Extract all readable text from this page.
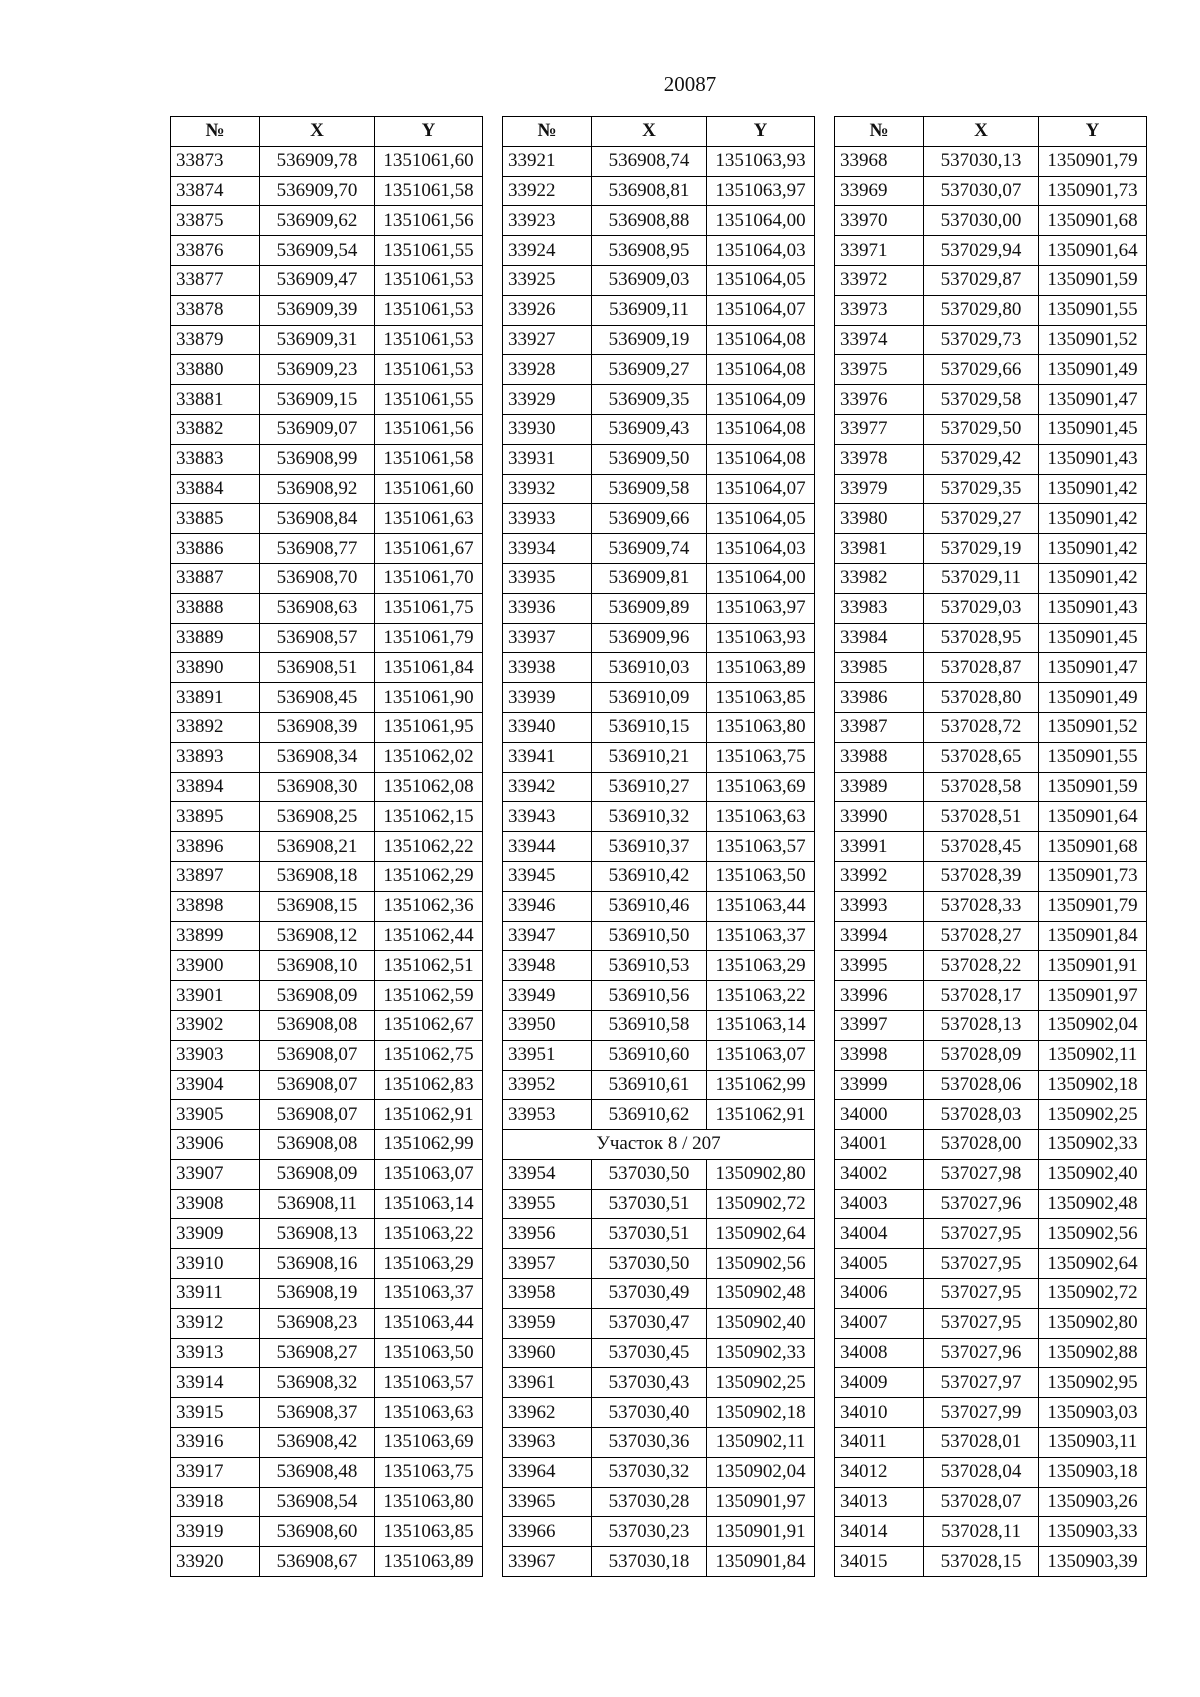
20087
№	X	Y
33873	536909,78	1351061,60
33874	536909,70	1351061,58
33875	536909,62	1351061,56
33876	536909,54	1351061,55
33877	536909,47	1351061,53
33878	536909,39	1351061,53
33879	536909,31	1351061,53
33880	536909,23	1351061,53
33881	536909,15	1351061,55
33882	536909,07	1351061,56
33883	536908,99	1351061,58
33884	536908,92	1351061,60
33885	536908,84	1351061,63
33886	536908,77	1351061,67
33887	536908,70	1351061,70
33888	536908,63	1351061,75
33889	536908,57	1351061,79
33890	536908,51	1351061,84
33891	536908,45	1351061,90
33892	536908,39	1351061,95
33893	536908,34	1351062,02
33894	536908,30	1351062,08
33895	536908,25	1351062,15
33896	536908,21	1351062,22
33897	536908,18	1351062,29
33898	536908,15	1351062,36
33899	536908,12	1351062,44
33900	536908,10	1351062,51
33901	536908,09	1351062,59
33902	536908,08	1351062,67
33903	536908,07	1351062,75
33904	536908,07	1351062,83
33905	536908,07	1351062,91
33906	536908,08	1351062,99
33907	536908,09	1351063,07
33908	536908,11	1351063,14
33909	536908,13	1351063,22
33910	536908,16	1351063,29
33911	536908,19	1351063,37
33912	536908,23	1351063,44
33913	536908,27	1351063,50
33914	536908,32	1351063,57
33915	536908,37	1351063,63
33916	536908,42	1351063,69
33917	536908,48	1351063,75
33918	536908,54	1351063,80
33919	536908,60	1351063,85
33920	536908,67	1351063,89
№	X	Y
33921	536908,74	1351063,93
33922	536908,81	1351063,97
33923	536908,88	1351064,00
33924	536908,95	1351064,03
33925	536909,03	1351064,05
33926	536909,11	1351064,07
33927	536909,19	1351064,08
33928	536909,27	1351064,08
33929	536909,35	1351064,09
33930	536909,43	1351064,08
33931	536909,50	1351064,08
33932	536909,58	1351064,07
33933	536909,66	1351064,05
33934	536909,74	1351064,03
33935	536909,81	1351064,00
33936	536909,89	1351063,97
33937	536909,96	1351063,93
33938	536910,03	1351063,89
33939	536910,09	1351063,85
33940	536910,15	1351063,80
33941	536910,21	1351063,75
33942	536910,27	1351063,69
33943	536910,32	1351063,63
33944	536910,37	1351063,57
33945	536910,42	1351063,50
33946	536910,46	1351063,44
33947	536910,50	1351063,37
33948	536910,53	1351063,29
33949	536910,56	1351063,22
33950	536910,58	1351063,14
33951	536910,60	1351063,07
33952	536910,61	1351062,99
33953	536910,62	1351062,91
Участок 8 / 207		
33954	537030,50	1350902,80
33955	537030,51	1350902,72
33956	537030,51	1350902,64
33957	537030,50	1350902,56
33958	537030,49	1350902,48
33959	537030,47	1350902,40
33960	537030,45	1350902,33
33961	537030,43	1350902,25
33962	537030,40	1350902,18
33963	537030,36	1350902,11
33964	537030,32	1350902,04
33965	537030,28	1350901,97
33966	537030,23	1350901,91
33967	537030,18	1350901,84
№	X	Y
33968	537030,13	1350901,79
33969	537030,07	1350901,73
33970	537030,00	1350901,68
33971	537029,94	1350901,64
33972	537029,87	1350901,59
33973	537029,80	1350901,55
33974	537029,73	1350901,52
33975	537029,66	1350901,49
33976	537029,58	1350901,47
33977	537029,50	1350901,45
33978	537029,42	1350901,43
33979	537029,35	1350901,42
33980	537029,27	1350901,42
33981	537029,19	1350901,42
33982	537029,11	1350901,42
33983	537029,03	1350901,43
33984	537028,95	1350901,45
33985	537028,87	1350901,47
33986	537028,80	1350901,49
33987	537028,72	1350901,52
33988	537028,65	1350901,55
33989	537028,58	1350901,59
33990	537028,51	1350901,64
33991	537028,45	1350901,68
33992	537028,39	1350901,73
33993	537028,33	1350901,79
33994	537028,27	1350901,84
33995	537028,22	1350901,91
33996	537028,17	1350901,97
33997	537028,13	1350902,04
33998	537028,09	1350902,11
33999	537028,06	1350902,18
34000	537028,03	1350902,25
34001	537028,00	1350902,33
34002	537027,98	1350902,40
34003	537027,96	1350902,48
34004	537027,95	1350902,56
34005	537027,95	1350902,64
34006	537027,95	1350902,72
34007	537027,95	1350902,80
34008	537027,96	1350902,88
34009	537027,97	1350902,95
34010	537027,99	1350903,03
34011	537028,01	1350903,11
34012	537028,04	1350903,18
34013	537028,07	1350903,26
34014	537028,11	1350903,33
34015	537028,15	1350903,39
